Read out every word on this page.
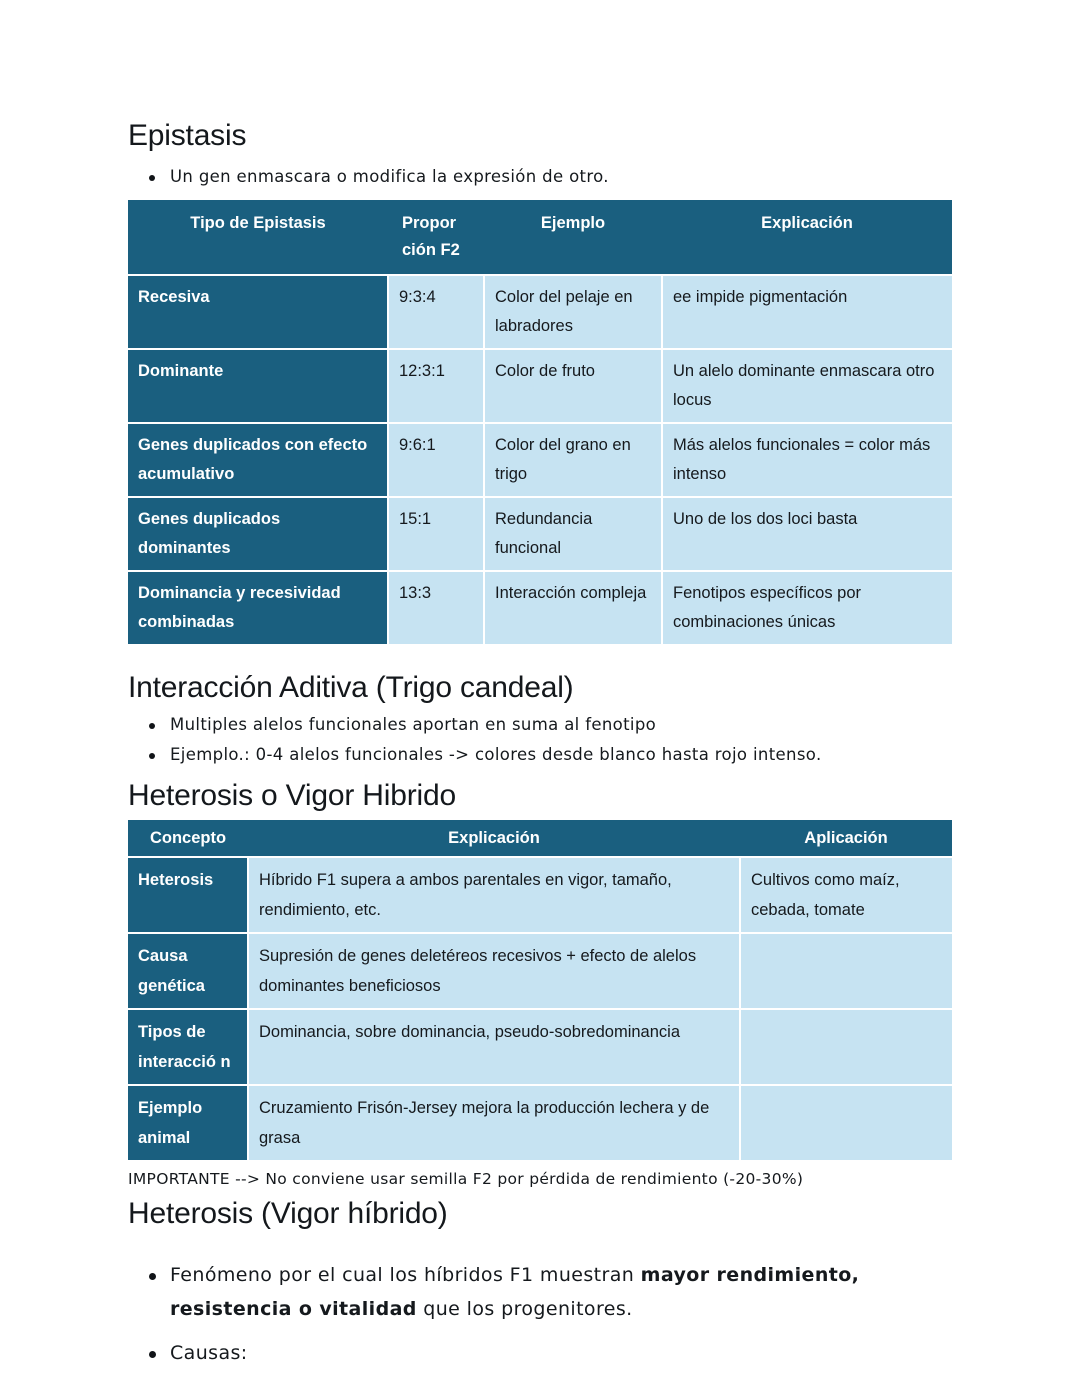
Epistasis
Un gen enmascara o modifica la expresión de otro.
Tipo de Epistasis	Propor ción F2	Ejemplo	Explicación
Recesiva	9:3:4	Color del pelaje en labradores	ee impide pigmentación
Dominante	12:3:1	Color de fruto	Un alelo dominante enmascara otro locus
Genes duplicados con efecto acumulativo	9:6:1	Color del grano en trigo	Más alelos funcionales = color más intenso
Genes duplicados dominantes	15:1	Redundancia funcional	Uno de los dos loci basta
Dominancia y recesividad combinadas	13:3	Interacción compleja	Fenotipos específicos por combinaciones únicas
Interacción Aditiva (Trigo candeal)
Multiples alelos funcionales aportan en suma al fenotipo
Ejemplo.: 0-4 alelos funcionales -> colores desde blanco hasta rojo intenso.
Heterosis o Vigor Hibrido
Concepto	Explicación	Aplicación
Heterosis	Híbrido F1 supera a ambos parentales en vigor, tamaño, rendimiento, etc.	Cultivos como maíz, cebada, tomate
Causa genética	Supresión de genes deletéreos recesivos + efecto de alelos dominantes beneficiosos	
Tipos de interacció n	Dominancia, sobre dominancia, pseudo-sobredominancia	
Ejemplo animal	Cruzamiento Frisón-Jersey mejora la producción lechera y de grasa	
IMPORTANTE --> No conviene usar semilla F2 por pérdida de rendimiento (-20-30%)
Heterosis (Vigor híbrido)
Fenómeno por el cual los híbridos F1 muestran mayor rendimiento, resistencia o vitalidad que los progenitores.
Causas:
